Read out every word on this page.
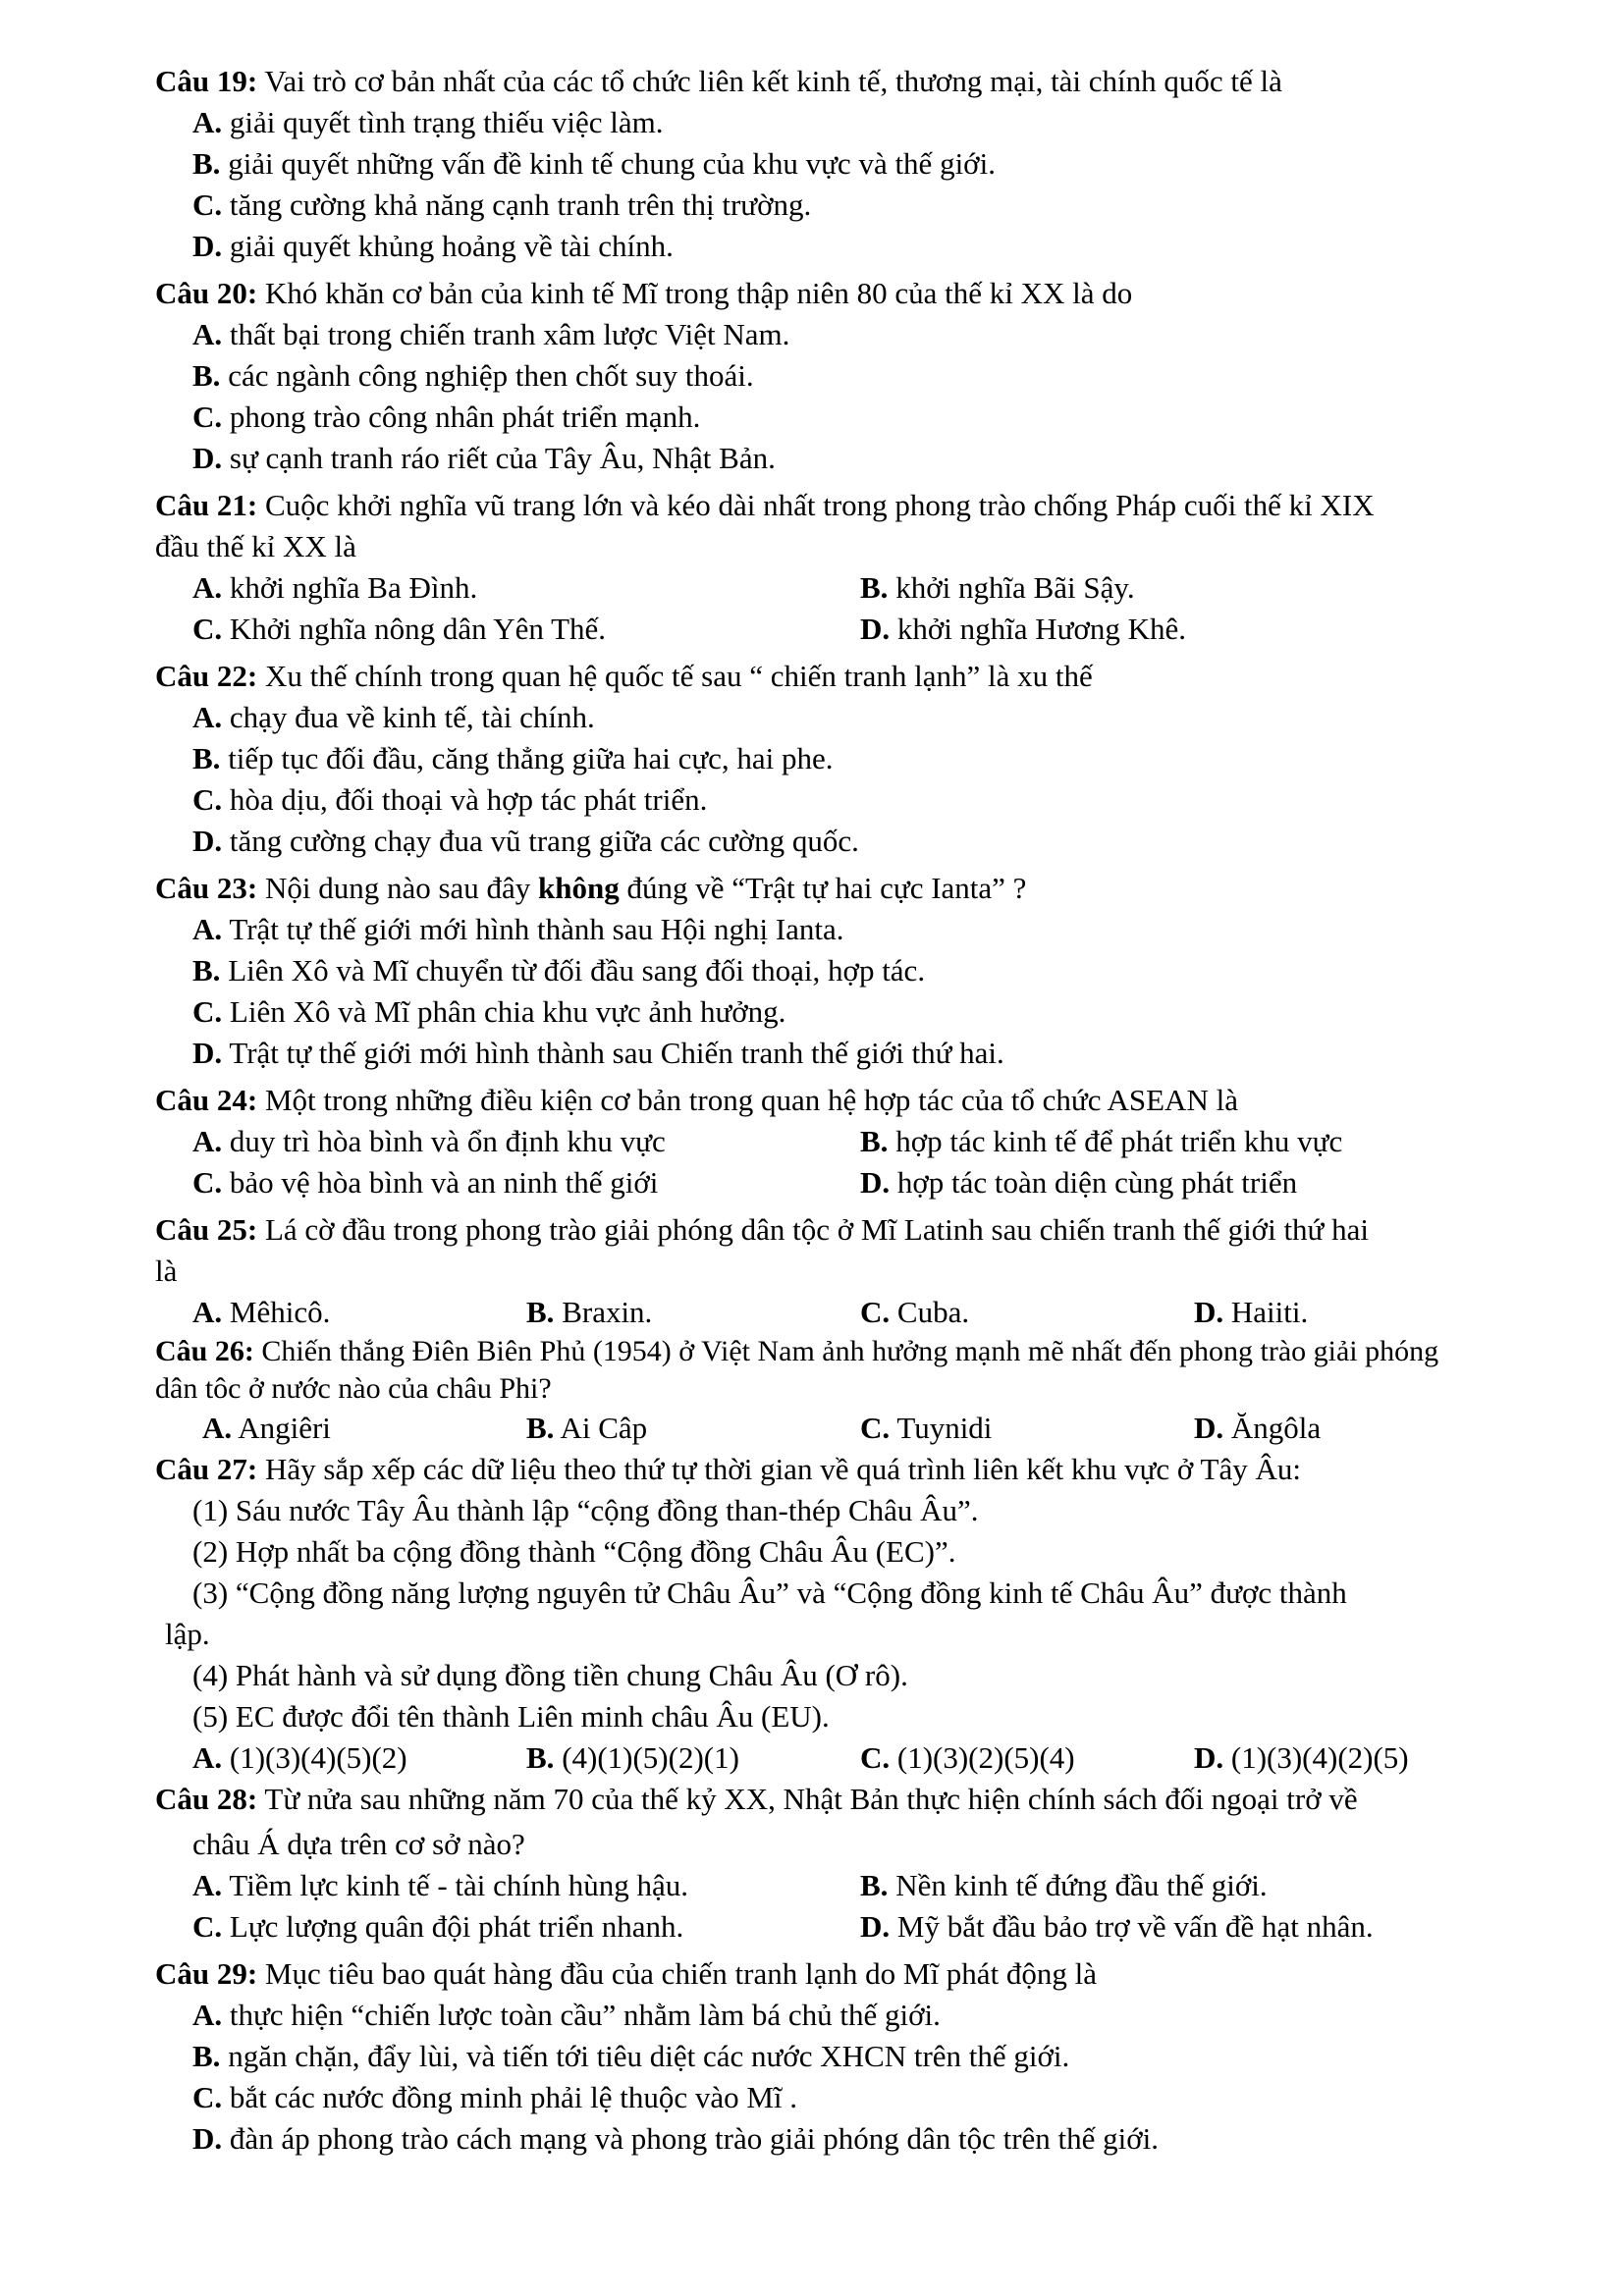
Câu 19: Vai trò cơ bản nhất của các tổ chức liên kết kinh tế, thương mại, tài chính quốc tế là

A. giải quyết tình trạng thiếu việc làm.

B. giải quyết những vấn đề kinh tế chung của khu vực và thế giới.

C. tăng cường khả năng cạnh tranh trên thị trường.

D. giải quyết khủng hoảng về tài chính.

Câu 20: Khó khăn cơ bản của kinh tế Mĩ trong thập niên 80 của thế kỉ XX là do

A. thất bại trong chiến tranh xâm lược Việt Nam.

B. các ngành công nghiệp then chốt suy thoái.

C. phong trào công nhân phát triển mạnh.

D. sự cạnh tranh ráo riết của Tây Âu, Nhật Bản.

Câu 21: Cuộc khởi nghĩa vũ trang lớn và kéo dài nhất trong phong trào chống Pháp cuối thế kỉ XIX

đầu thế kỉ XX là

A. khởi nghĩa Ba Đình.	B. khởi nghĩa Bãi Sậy.
C. Khởi nghĩa nông dân Yên Thế.	D. khởi nghĩa Hương Khê.

Câu 22: Xu thế chính trong quan hệ quốc tế sau “ chiến tranh lạnh” là xu thế

A. chạy đua về kinh tế, tài chính.

B. tiếp tục đối đầu, căng thẳng giữa hai cực, hai phe.

C. hòa dịu, đối thoại và hợp tác phát triển.

D. tăng cường chạy đua vũ trang giữa các cường quốc.

Câu 23: Nội dung nào sau đây không đúng về “Trật tự hai cực Ianta” ?

A. Trật tự thế giới mới hình thành sau Hội nghị Ianta.

B. Liên Xô và Mĩ chuyển từ đối đầu sang đối thoại, hợp tác.

C. Liên Xô và Mĩ phân chia khu vực ảnh hưởng.

D. Trật tự thế giới mới hình thành sau Chiến tranh thế giới thứ hai.

Câu 24: Một trong những điều kiện cơ bản trong quan hệ hợp tác của tổ chức ASEAN là

A. duy trì hòa bình và ổn định khu vực	B. hợp tác kinh tế để phát triển khu vực
C. bảo vệ hòa bình và an ninh thế giới	D. hợp tác toàn diện cùng phát triển

Câu 25: Lá cờ đầu trong phong trào giải phóng dân tộc ở Mĩ Latinh sau chiến tranh thế giới thứ hai

là

A. Mêhicô.	B. Braxin.	C. Cuba.	D. Haiiti.

Câu 26: Chiến thắng Điên Biên Phủ (1954) ở Việt Nam ảnh hưởng mạnh mẽ nhất đến phong trào giải phóng

dân tôc ở nước nào của châu Phi?

A. Angiêri	B. Ai Câp	C. Tuynidi	D. Ăngôla

Câu 27: Hãy sắp xếp các dữ liệu theo thứ tự thời gian về quá trình liên kết khu vực ở Tây Âu:

(1) Sáu nước Tây Âu thành lập “cộng đồng than-thép Châu Âu”.

(2) Hợp nhất ba cộng đồng thành “Cộng đồng Châu Âu (EC)”.

(3) “Cộng đồng năng lượng nguyên tử Châu Âu” và “Cộng đồng kinh tế Châu Âu” được thành

lập.

(4) Phát hành và sử dụng đồng tiền chung Châu Âu (Ơ rô).

(5) EC được đổi tên thành Liên minh châu Âu (EU).

A. (1)(3)(4)(5)(2)	B. (4)(1)(5)(2)(1)	C. (1)(3)(2)(5)(4)	D. (1)(3)(4)(2)(5)

Câu 28: Từ nửa sau những năm 70 của thế kỷ XX, Nhật Bản thực hiện chính sách đối ngoại trở về

châu Á dựa trên cơ sở nào?

A. Tiềm lực kinh tế - tài chính hùng hậu.	B. Nền kinh tế đứng đầu thế giới.
C. Lực lượng quân đội phát triển nhanh.	D. Mỹ bắt đầu bảo trợ về vấn đề hạt nhân.

Câu 29: Mục tiêu bao quát hàng đầu của chiến tranh lạnh do Mĩ phát động là

A. thực hiện “chiến lược toàn cầu” nhằm làm bá chủ thế giới.

B. ngăn chặn, đẩy lùi, và tiến tới tiêu diệt các nước XHCN trên thế giới.

C. bắt các nước đồng minh phải lệ thuộc vào Mĩ .

D. đàn áp phong trào cách mạng và phong trào giải phóng dân tộc trên thế giới.
